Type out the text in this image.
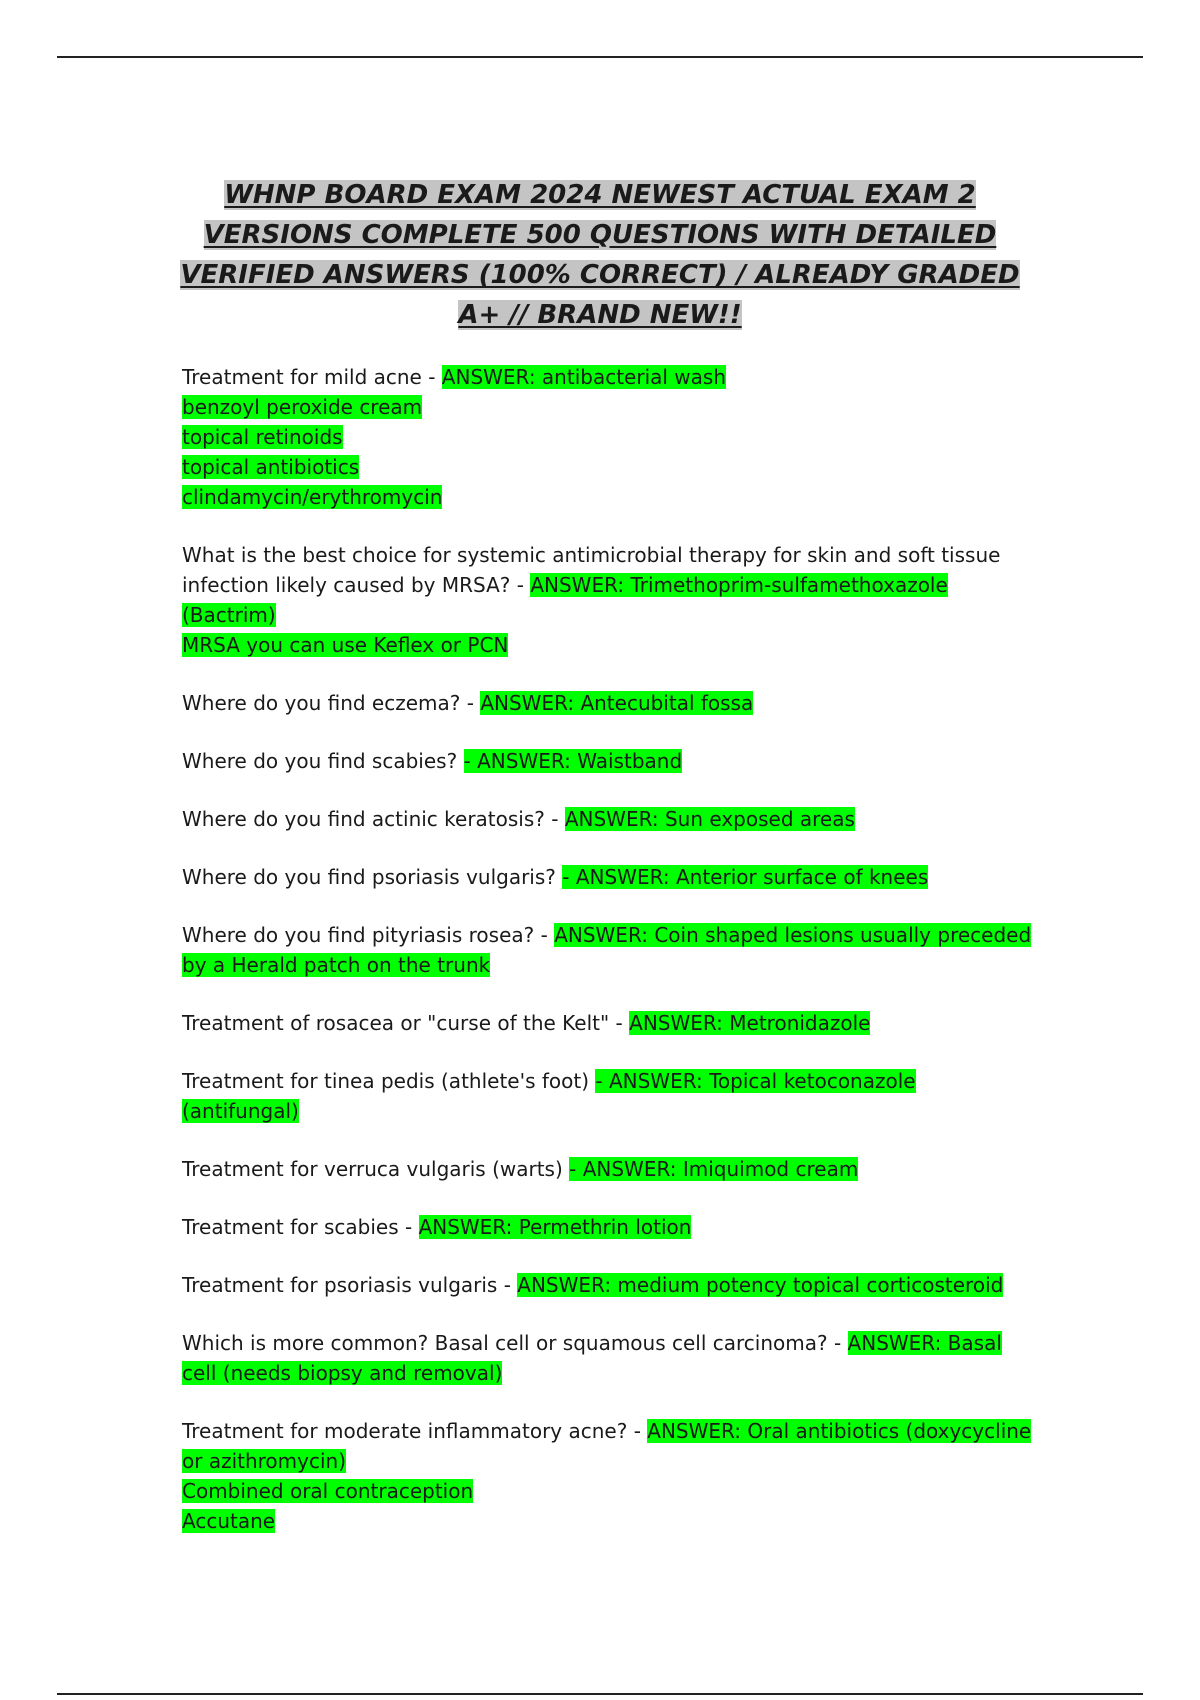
WHNP BOARD EXAM 2024 NEWEST ACTUAL EXAM 2
VERSIONS COMPLETE 500 QUESTIONS WITH DETAILED
VERIFIED ANSWERS (100% CORRECT) / ALREADY GRADED
A+ // BRAND NEW!!
Treatment for mild acne - ANSWER: antibacterial wash
benzoyl peroxide cream
topical retinoids
topical antibiotics
clindamycin/erythromycin
What is the best choice for systemic antimicrobial therapy for skin and soft tissue
infection likely caused by MRSA? - ANSWER: Trimethoprim-sulfamethoxazole
(Bactrim)
MRSA you can use Keflex or PCN
Where do you find eczema? - ANSWER: Antecubital fossa
Where do you find scabies? - ANSWER: Waistband
Where do you find actinic keratosis? - ANSWER: Sun exposed areas
Where do you find psoriasis vulgaris? - ANSWER: Anterior surface of knees
Where do you find pityriasis rosea? - ANSWER: Coin shaped lesions usually preceded
by a Herald patch on the trunk
Treatment of rosacea or "curse of the Kelt" - ANSWER: Metronidazole
Treatment for tinea pedis (athlete's foot) - ANSWER: Topical ketoconazole
(antifungal)
Treatment for verruca vulgaris (warts) - ANSWER: Imiquimod cream
Treatment for scabies - ANSWER: Permethrin lotion
Treatment for psoriasis vulgaris - ANSWER: medium potency topical corticosteroid
Which is more common? Basal cell or squamous cell carcinoma? - ANSWER: Basal
cell (needs biopsy and removal)
Treatment for moderate inflammatory acne? - ANSWER: Oral antibiotics (doxycycline
or azithromycin)
Combined oral contraception
Accutane
